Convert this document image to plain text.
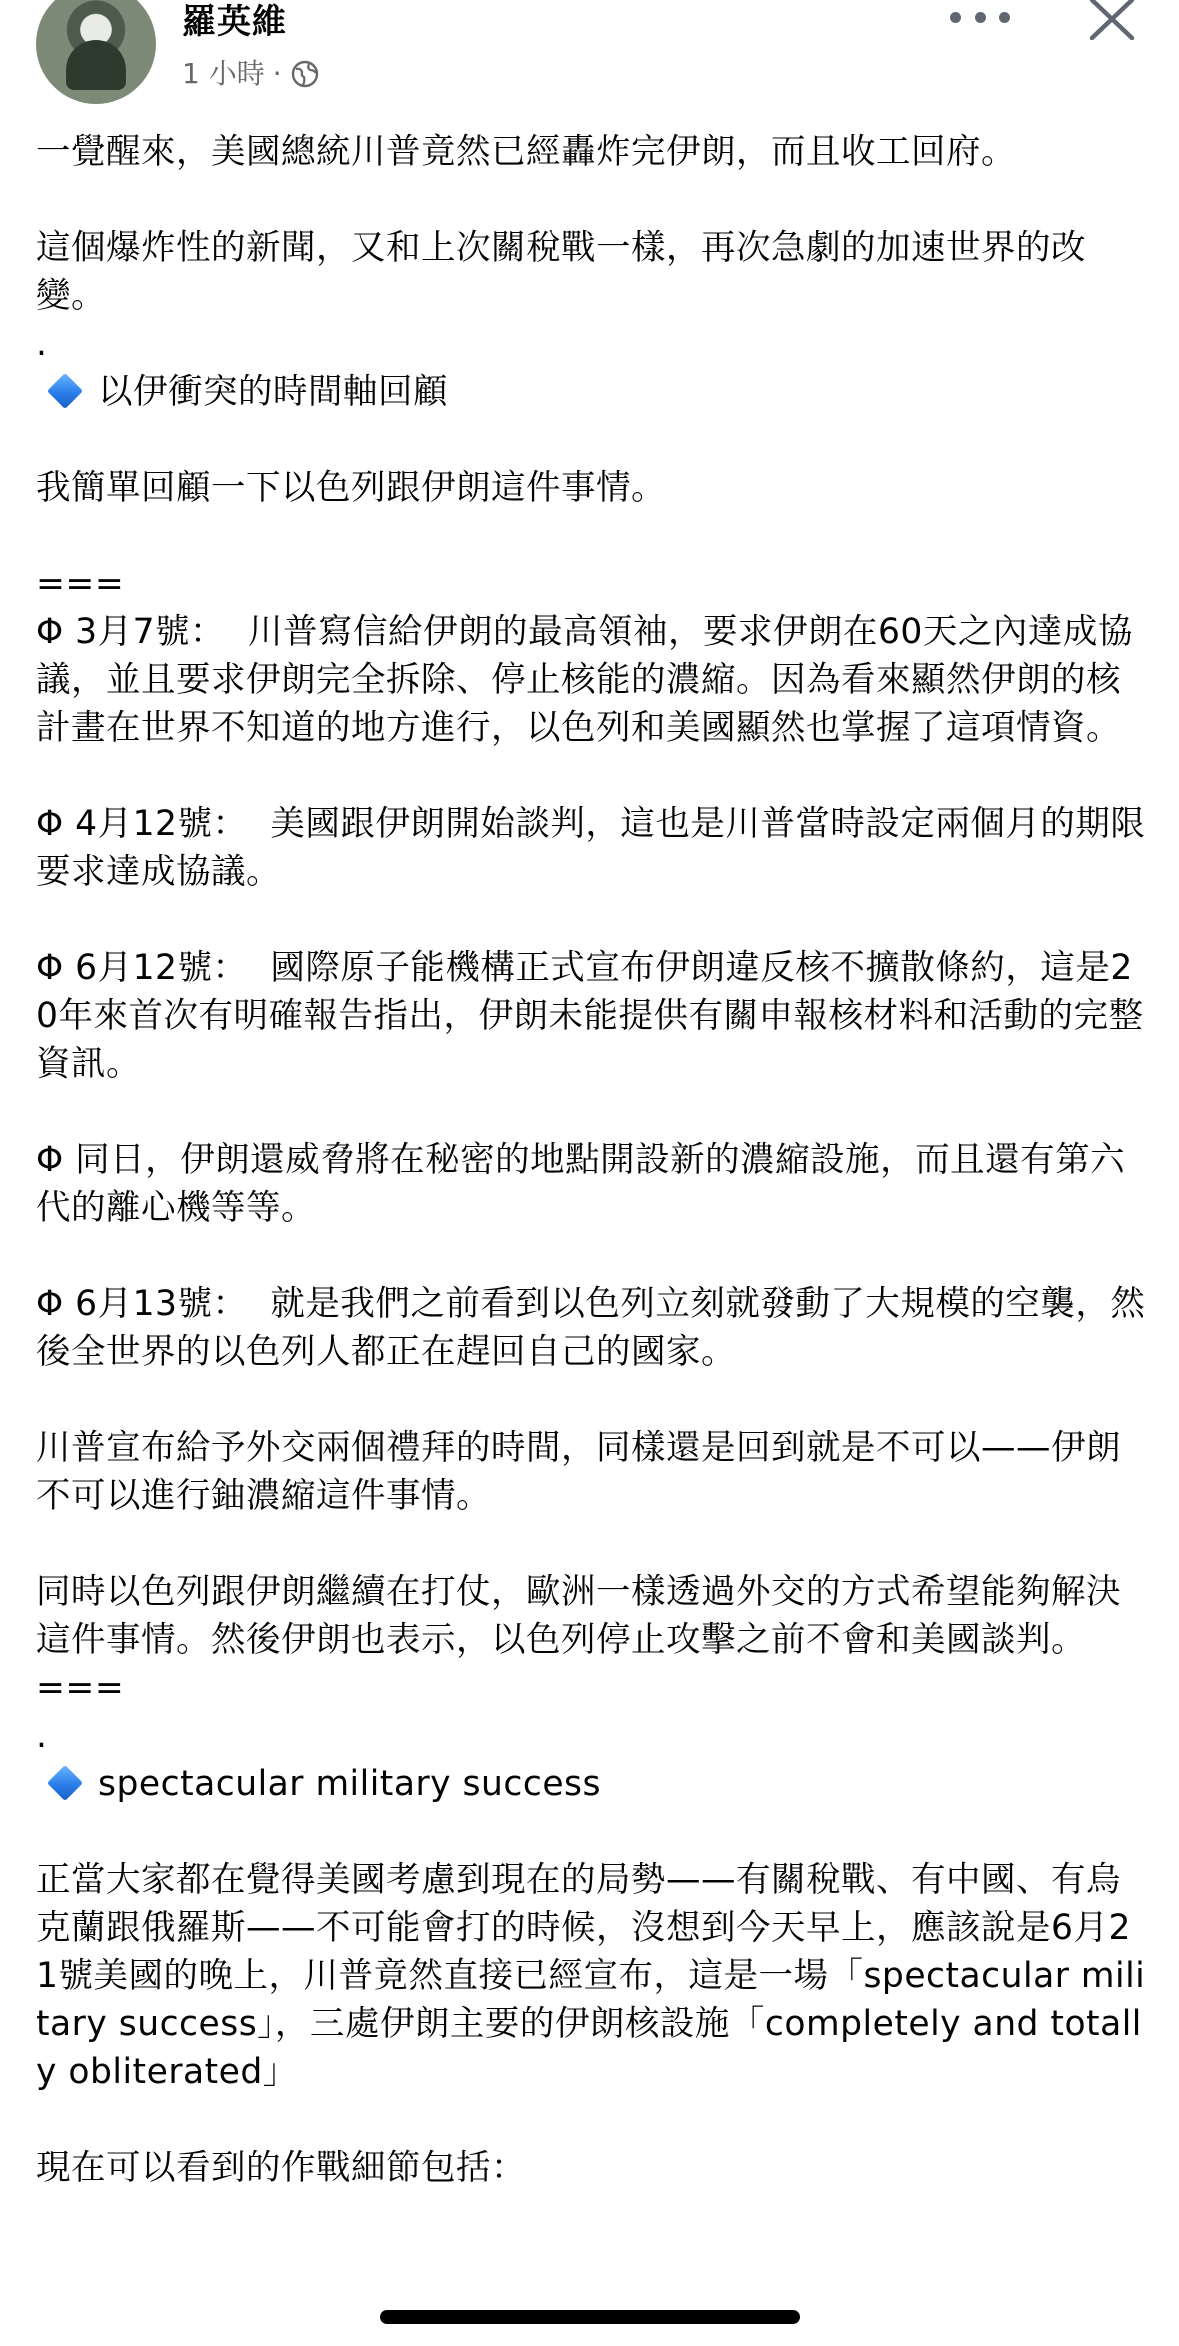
羅英維
1 小時 ·

一覺醒來，美國總統川普竟然已經轟炸完伊朗，而且收工回府。

這個爆炸性的新聞，又和上次關稅戰一樣，再次急劇的加速世界的改變。

.

以伊衝突的時間軸回顧

我簡單回顧一下以色列跟伊朗這件事情。

===

Φ 3月7號：  川普寫信給伊朗的最高領袖，要求伊朗在60天之內達成協議，並且要求伊朗完全拆除、停止核能的濃縮。因為看來顯然伊朗的核計畫在世界不知道的地方進行，以色列和美國顯然也掌握了這項情資。

Φ 4月12號：  美國跟伊朗開始談判，這也是川普當時設定兩個月的期限要求達成協議。

Φ 6月12號：  國際原子能機構正式宣布伊朗違反核不擴散條約，這是20年來首次有明確報告指出，伊朗未能提供有關申報核材料和活動的完整資訊。

Φ 同日，伊朗還威脅將在秘密的地點開設新的濃縮設施，而且還有第六代的離心機等等。

Φ 6月13號：  就是我們之前看到以色列立刻就發動了大規模的空襲，然後全世界的以色列人都正在趕回自己的國家。

川普宣布給予外交兩個禮拜的時間，同樣還是回到就是不可以——伊朗不可以進行鈾濃縮這件事情。

同時以色列跟伊朗繼續在打仗，歐洲一樣透過外交的方式希望能夠解決這件事情。然後伊朗也表示，以色列停止攻擊之前不會和美國談判。

===

.

spectacular military success

正當大家都在覺得美國考慮到現在的局勢——有關稅戰、有中國、有烏克蘭跟俄羅斯——不可能會打的時候，沒想到今天早上，應該說是6月21號美國的晚上，川普竟然直接已經宣布，這是一場「spectacular military success」，三處伊朗主要的伊朗核設施「completely and totally obliterated」

現在可以看到的作戰細節包括：
